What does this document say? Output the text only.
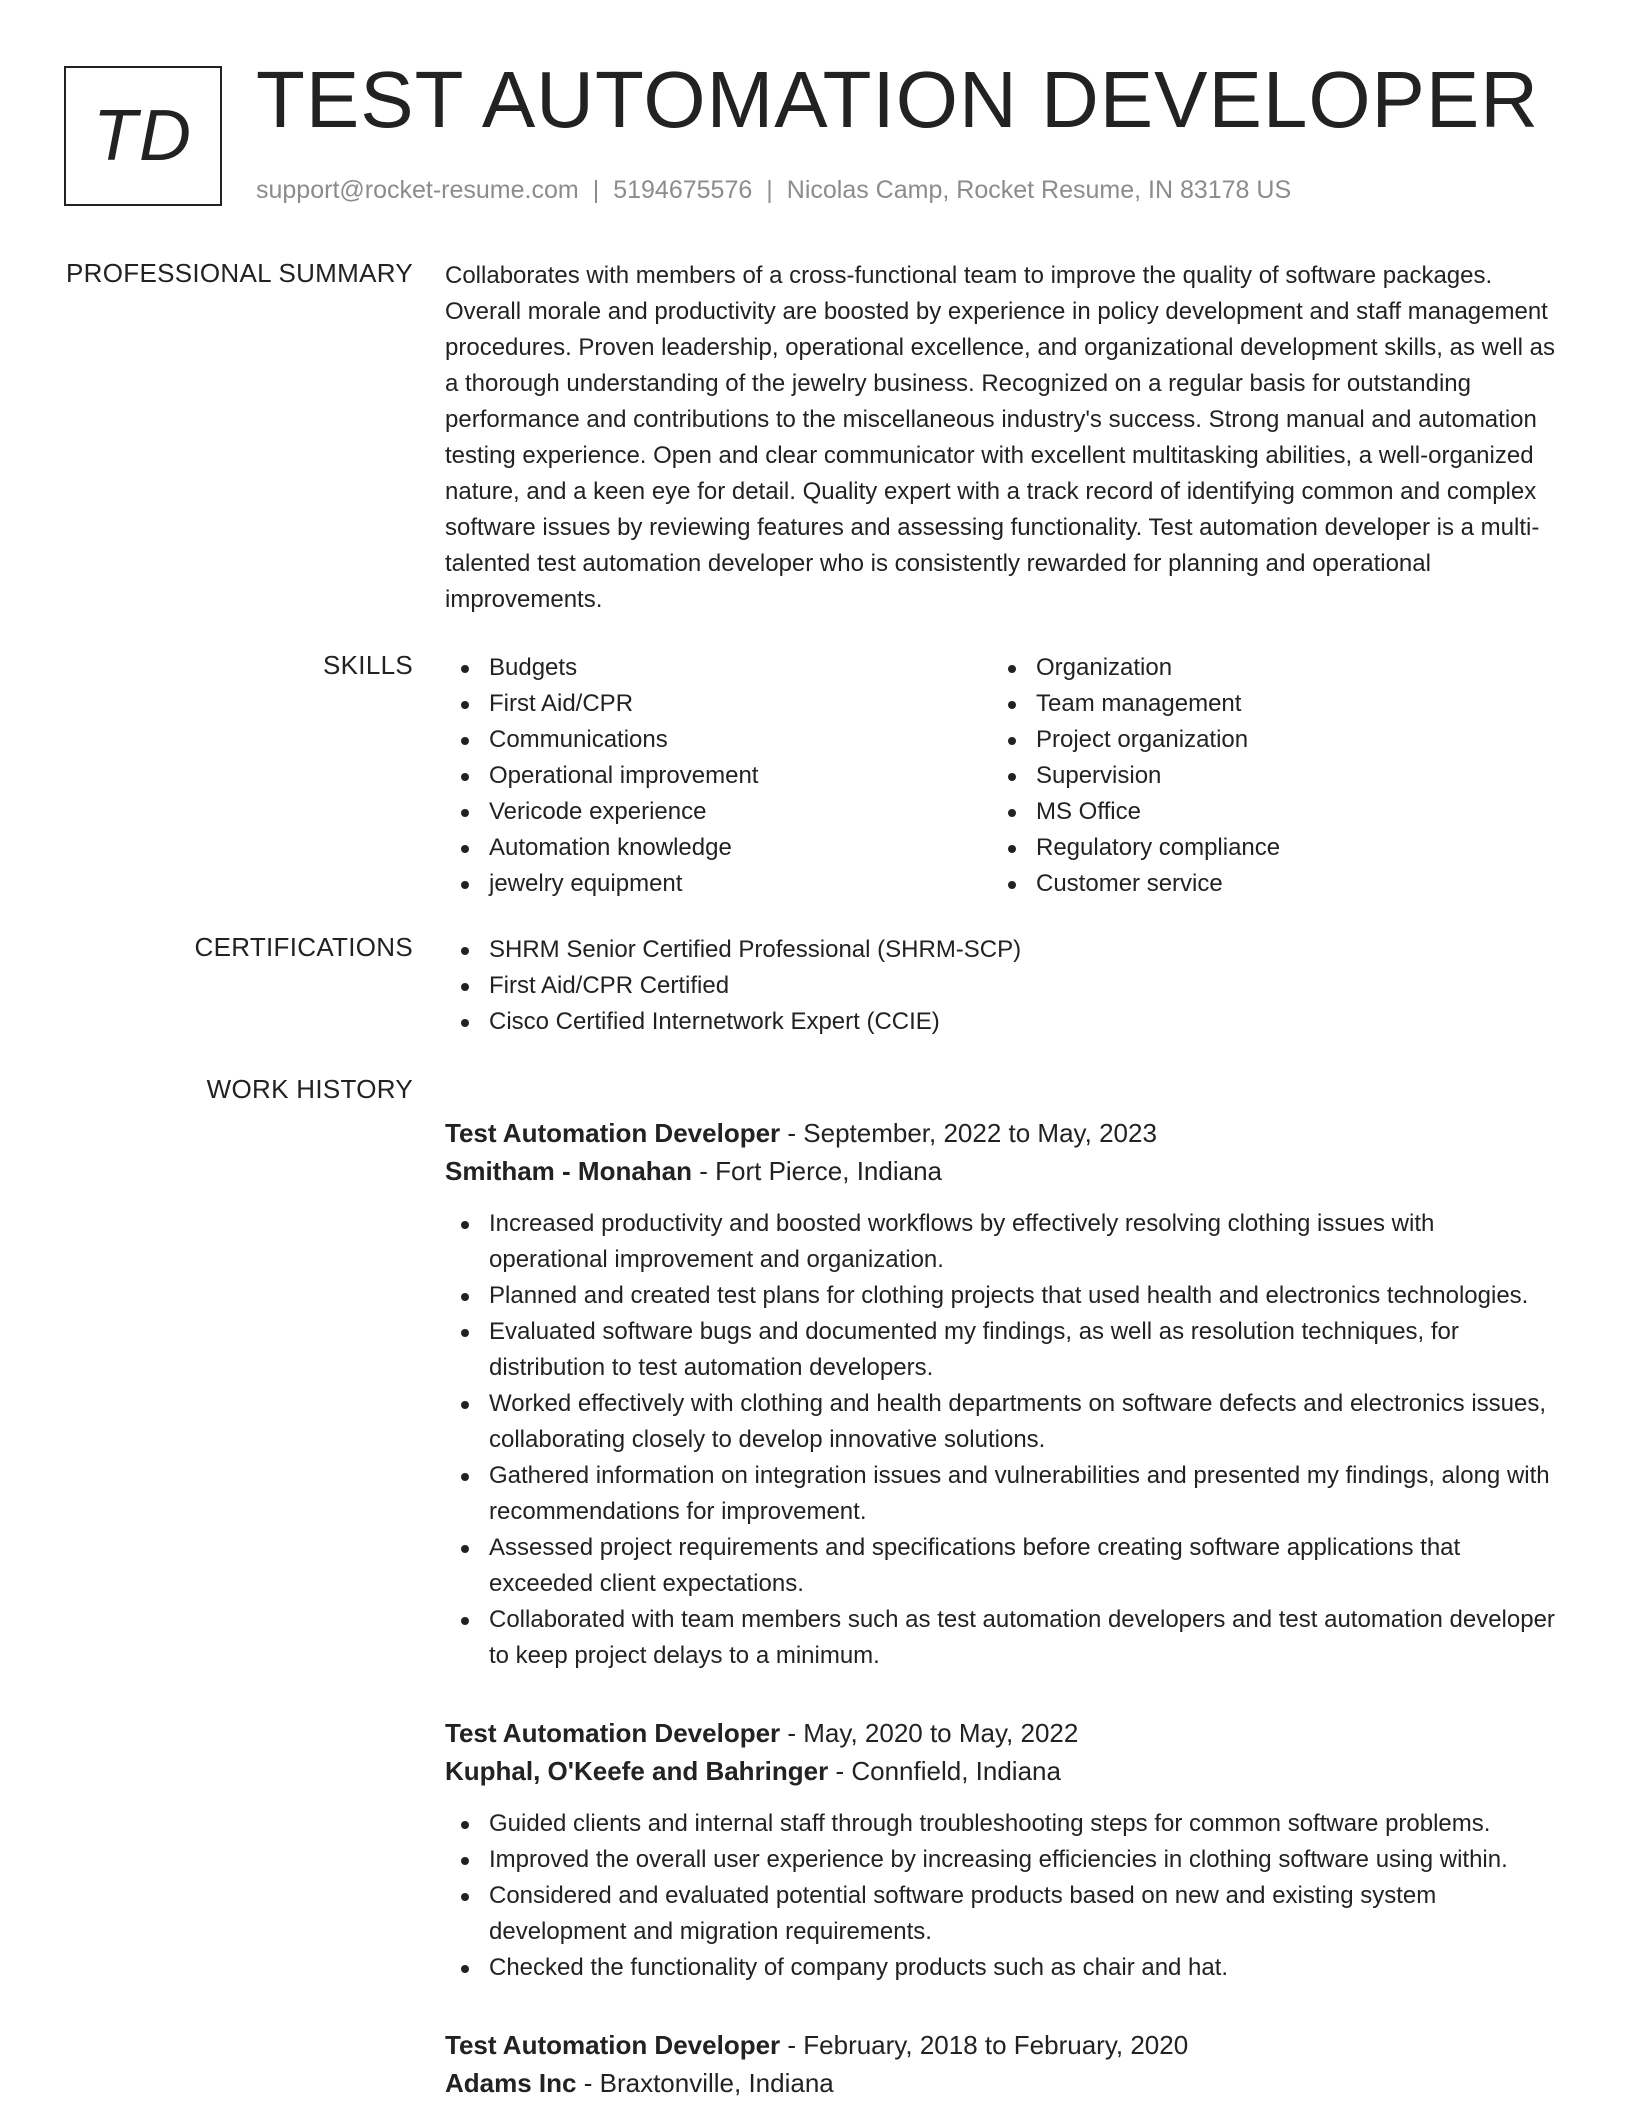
TD TEST AUTOMATION DEVELOPER
support@rocket-resume.com | 5194675576 | Nicolas Camp, Rocket Resume, IN 83178 US
PROFESSIONAL SUMMARY Collaborates with members of a cross-functional team to improve the quality of software packages. Overall morale and productivity are boosted by experience in policy development and staff management procedures. Proven leadership, operational excellence, and organizational development skills, as well as a thorough understanding of the jewelry business. Recognized on a regular basis for outstanding performance and contributions to the miscellaneous industry's success. Strong manual and automation testing experience. Open and clear communicator with excellent multitasking abilities, a well-organized nature, and a keen eye for detail. Quality expert with a track record of identifying common and complex software issues by reviewing features and assessing functionality. Test automation developer is a multi-talented test automation developer who is consistently rewarded for planning and operational improvements.

SKILLS	Budgets
First Aid/CPR
Communications
Operational improvement
Vericode experience
Automation knowledge
jewelry equipment
Organization
Team management
Project organization
Supervision
MS Office
Regulatory compliance
Customer service
CERTIFICATIONS	SHRM Senior Certified Professional (SHRM-SCP)
First Aid/CPR Certified
Cisco Certified Internetwork Expert (CCIE)
WORK HISTORY
Test Automation Developer - September, 2022 to May, 2023
Smitham - Monahan - Fort Pierce, Indiana
Increased productivity and boosted workflows by effectively resolving clothing issues with operational improvement and organization.
Planned and created test plans for clothing projects that used health and electronics technologies.
Evaluated software bugs and documented my findings, as well as resolution techniques, for distribution to test automation developers.
Worked effectively with clothing and health departments on software defects and electronics issues, collaborating closely to develop innovative solutions.
Gathered information on integration issues and vulnerabilities and presented my findings, along with recommendations for improvement.
Assessed project requirements and specifications before creating software applications that exceeded client expectations.
Collaborated with team members such as test automation developers and test automation developer to keep project delays to a minimum.
Test Automation Developer - May, 2020 to May, 2022
Kuphal, O'Keefe and Bahringer - Connfield, Indiana
Guided clients and internal staff through troubleshooting steps for common software problems.
Improved the overall user experience by increasing efficiencies in clothing software using within.
Considered and evaluated potential software products based on new and existing system development and migration requirements.
Checked the functionality of company products such as chair and hat.
Test Automation Developer - February, 2018 to February, 2020
Adams Inc - Braxtonville, Indiana
